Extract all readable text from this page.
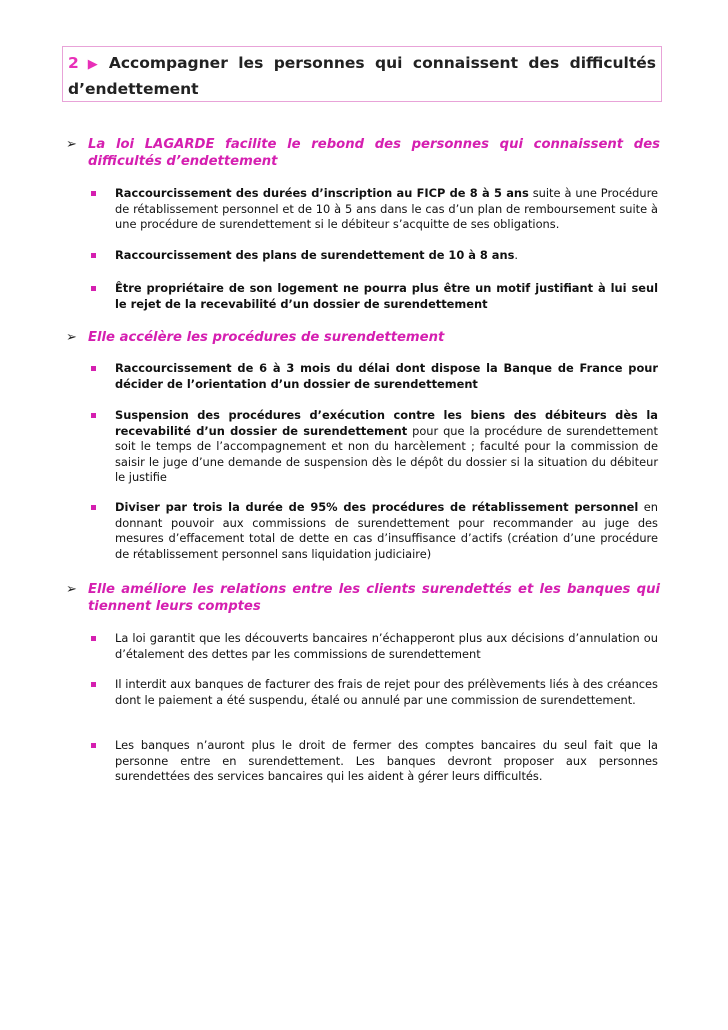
2 ▶ Accompagner les personnes qui connaissent des difficultés d’endettement
➢ La loi LAGARDE facilite le rebond des personnes qui connaissent des difficultés d’endettement
Raccourcissement des durées d’inscription au FICP de 8 à 5 ans suite à une Procédure de rétablissement personnel et de 10 à 5 ans dans le cas d’un plan de remboursement suite à une procédure de surendettement si le débiteur s’acquitte de ses obligations.
Raccourcissement des plans de surendettement de 10 à 8 ans.
Être propriétaire de son logement ne pourra plus être un motif justifiant à lui seul le rejet de la recevabilité d’un dossier de surendettement
➢ Elle accélère les procédures de surendettement
Raccourcissement de 6 à 3 mois du délai dont dispose la Banque de France pour décider de l’orientation d’un dossier de surendettement
Suspension des procédures d’exécution contre les biens des débiteurs dès la recevabilité d’un dossier de surendettement pour que la procédure de surendettement soit le temps de l’accompagnement et non du harcèlement ; faculté pour la commission de saisir le juge d’une demande de suspension dès le dépôt du dossier si la situation du débiteur le justifie
Diviser par trois la durée de 95% des procédures de rétablissement personnel en donnant pouvoir aux commissions de surendettement pour recommander au juge des mesures d’effacement total de dette en cas d’insuffisance d’actifs (création d’une procédure de rétablissement personnel sans liquidation judiciaire)
➢ Elle améliore les relations entre les clients surendettés et les banques qui tiennent leurs comptes
La loi garantit que les découverts bancaires n’échapperont plus aux décisions d’annulation ou d’étalement des dettes par les commissions de surendettement
Il interdit aux banques de facturer des frais de rejet pour des prélèvements liés à des créances dont le paiement a été suspendu, étalé ou annulé par une commission de surendettement.
Les banques n’auront plus le droit de fermer des comptes bancaires du seul fait que la personne entre en surendettement. Les banques devront proposer aux personnes surendettées des services bancaires qui les aident à gérer leurs difficultés.
